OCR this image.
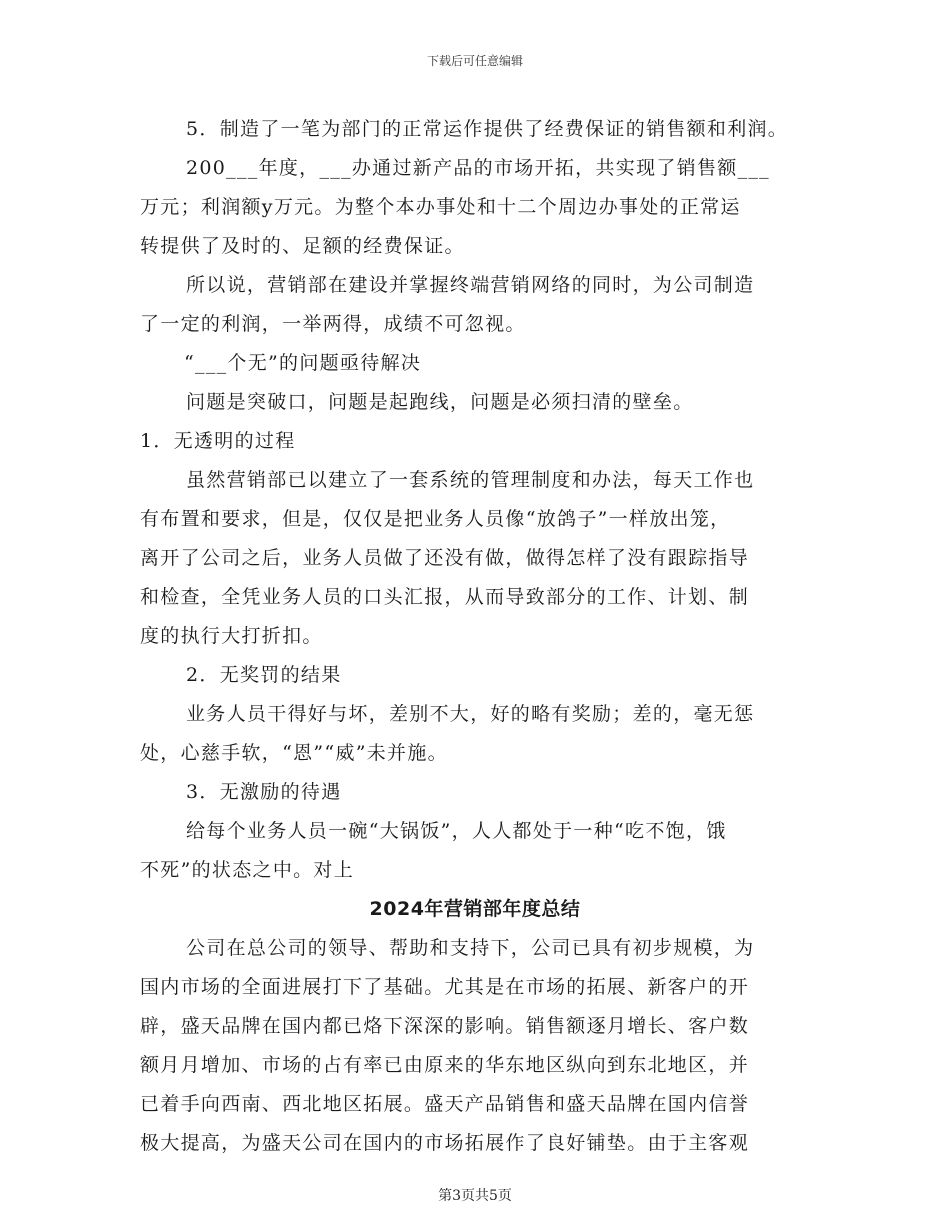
下载后可任意编辑
5．制造了一笔为部门的正常运作提供了经费保证的销售额和利润。
200___年度，___办通过新产品的市场开拓，共实现了销售额___
万元；利润额y万元。为整个本办事处和十二个周边办事处的正常运
转提供了及时的、足额的经费保证。
所以说，营销部在建设并掌握终端营销网络的同时，为公司制造
了一定的利润，一举两得，成绩不可忽视。
“___个无”的问题亟待解决
问题是突破口，问题是起跑线，问题是必须扫清的壁垒。
1．无透明的过程
虽然营销部已以建立了一套系统的管理制度和办法，每天工作也
有布置和要求，但是，仅仅是把业务人员像“放鸽子”一样放出笼，
离开了公司之后，业务人员做了还没有做，做得怎样了没有跟踪指导
和检查，全凭业务人员的口头汇报，从而导致部分的工作、计划、制
度的执行大打折扣。
2．无奖罚的结果
业务人员干得好与坏，差别不大，好的略有奖励；差的，毫无惩
处，心慈手软，“恩”“威”未并施。
3．无激励的待遇
给每个业务人员一碗“大锅饭”，人人都处于一种“吃不饱，饿
不死”的状态之中。对上
2024年营销部年度总结
公司在总公司的领导、帮助和支持下，公司已具有初步规模，为
国内市场的全面进展打下了基础。尤其是在市场的拓展、新客户的开
辟，盛天品牌在国内都已烙下深深的影响。销售额逐月增长、客户数
额月月增加、市场的占有率已由原来的华东地区纵向到东北地区，并
已着手向西南、西北地区拓展。盛天产品销售和盛天品牌在国内信誉
极大提高，为盛天公司在国内的市场拓展作了良好铺垫。由于主客观
第3页共5页
